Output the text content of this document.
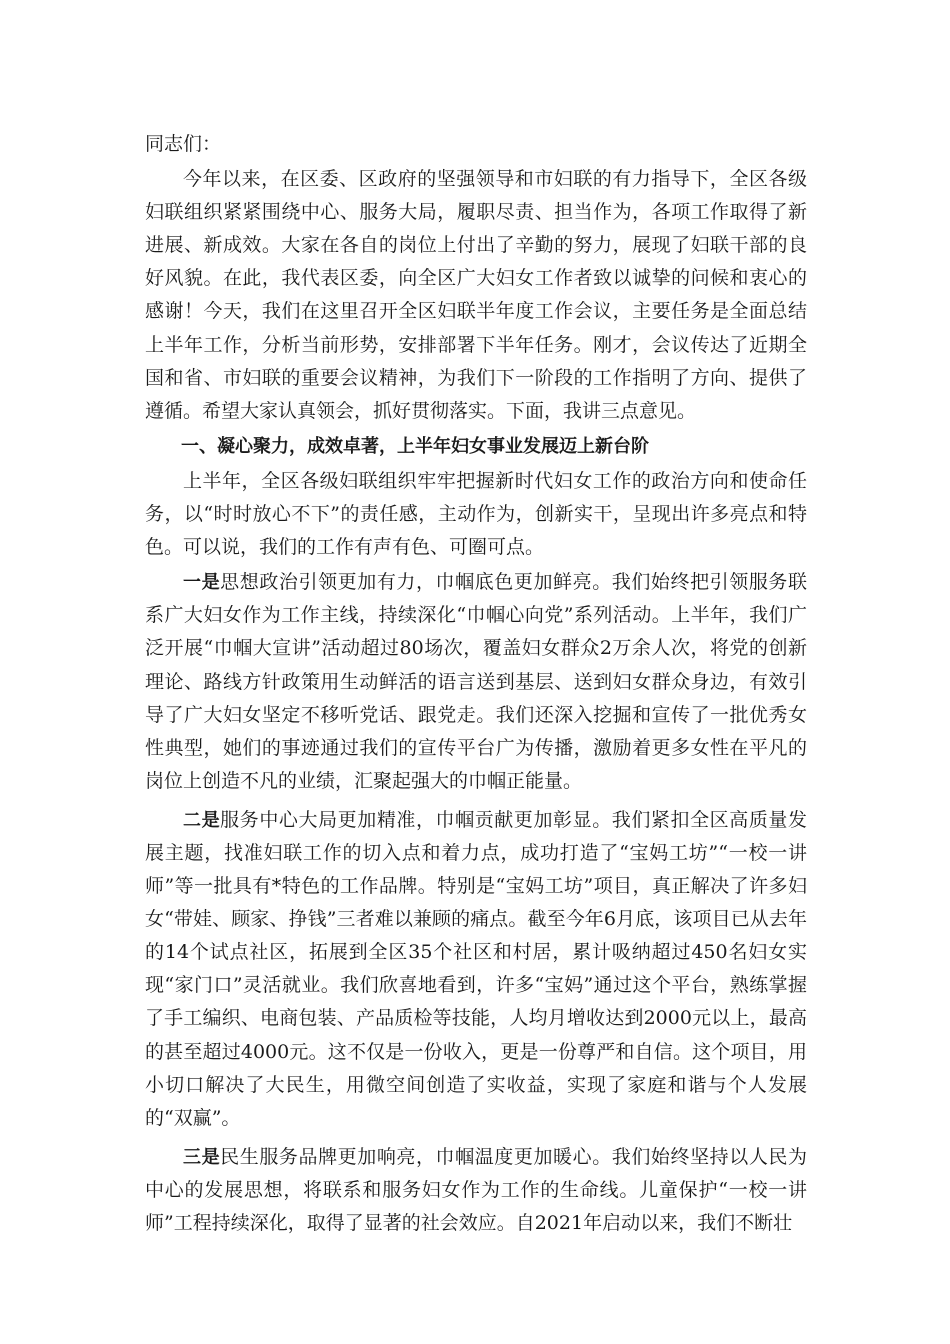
同志们：

今年以来，在区委、区政府的坚强领导和市妇联的有力指导下，全区各级妇联组织紧紧围绕中心、服务大局，履职尽责、担当作为，各项工作取得了新进展、新成效。大家在各自的岗位上付出了辛勤的努力，展现了妇联干部的良好风貌。在此，我代表区委，向全区广大妇女工作者致以诚挚的问候和衷心的感谢！今天，我们在这里召开全区妇联半年度工作会议，主要任务是全面总结上半年工作，分析当前形势，安排部署下半年任务。刚才，会议传达了近期全国和省、市妇联的重要会议精神，为我们下一阶段的工作指明了方向、提供了遵循。希望大家认真领会，抓好贯彻落实。下面，我讲三点意见。

一、凝心聚力，成效卓著，上半年妇女事业发展迈上新台阶

上半年，全区各级妇联组织牢牢把握新时代妇女工作的政治方向和使命任务，以“时时放心不下”的责任感，主动作为，创新实干，呈现出许多亮点和特色。可以说，我们的工作有声有色、可圈可点。

一是思想政治引领更加有力，巾帼底色更加鲜亮。我们始终把引领服务联系广大妇女作为工作主线，持续深化“巾帼心向党”系列活动。上半年，我们广泛开展“巾帼大宣讲”活动超过80场次，覆盖妇女群众2万余人次，将党的创新理论、路线方针政策用生动鲜活的语言送到基层、送到妇女群众身边，有效引导了广大妇女坚定不移听党话、跟党走。我们还深入挖掘和宣传了一批优秀女性典型，她们的事迹通过我们的宣传平台广为传播，激励着更多女性在平凡的岗位上创造不凡的业绩，汇聚起强大的巾帼正能量。

二是服务中心大局更加精准，巾帼贡献更加彰显。我们紧扣全区高质量发展主题，找准妇联工作的切入点和着力点，成功打造了“宝妈工坊”“一校一讲师”等一批具有*特色的工作品牌。特别是“宝妈工坊”项目，真正解决了许多妇女“带娃、顾家、挣钱”三者难以兼顾的痛点。截至今年6月底，该项目已从去年的14个试点社区，拓展到全区35个社区和村居，累计吸纳超过450名妇女实现“家门口”灵活就业。我们欣喜地看到，许多“宝妈”通过这个平台，熟练掌握了手工编织、电商包装、产品质检等技能，人均月增收达到2000元以上，最高的甚至超过4000元。这不仅是一份收入，更是一份尊严和自信。这个项目，用小切口解决了大民生，用微空间创造了实收益，实现了家庭和谐与个人发展的“双赢”。

三是民生服务品牌更加响亮，巾帼温度更加暖心。我们始终坚持以人民为中心的发展思想，将联系和服务妇女作为工作的生命线。儿童保护“一校一讲师”工程持续深化，取得了显著的社会效应。自2021年启动以来，我们不断壮
